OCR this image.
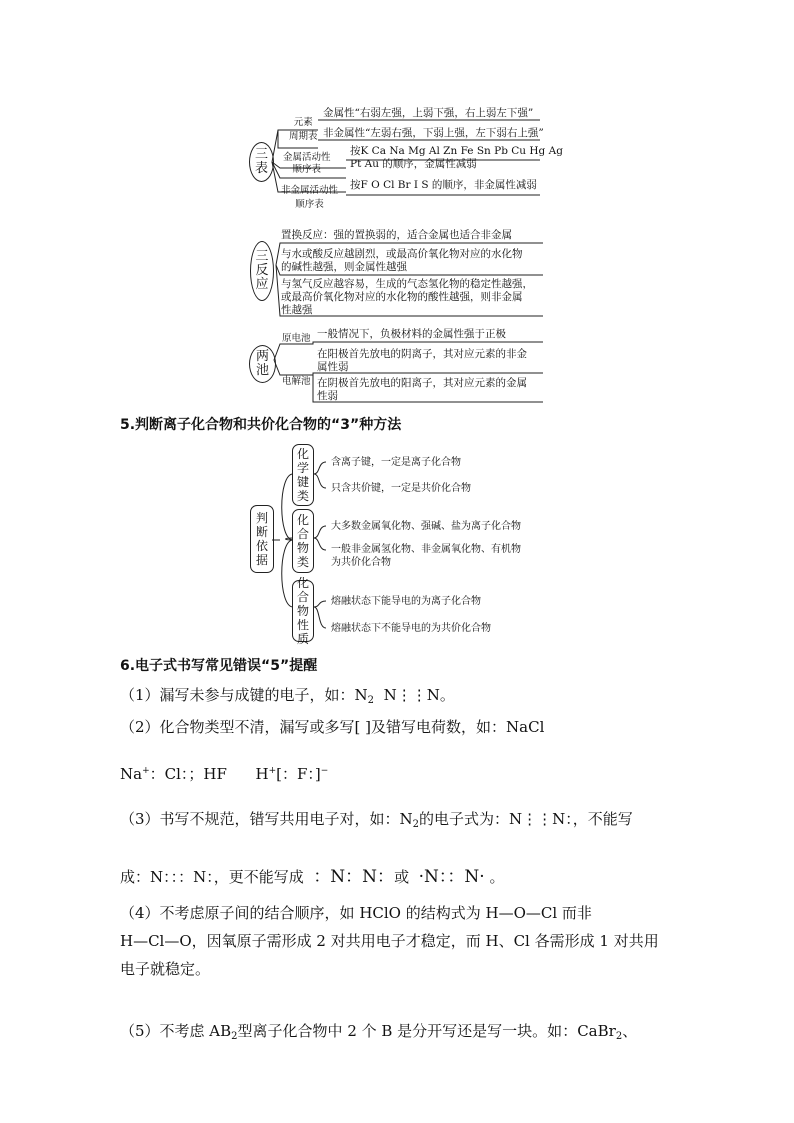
三
表
元素
周期表
金属性“右弱左强，上弱下强，右上弱左下强”
非金属性“左弱右强，下弱上强，左下弱右上强”
金属活动性
顺序表
按K Ca Na Mg Al Zn Fe Sn Pb Cu Hg Ag
Pt Au 的顺序，金属性减弱
非金属活动性
顺序表
按F O Cl Br I S 的顺序，非金属性减弱
三
反
应
置换反应：强的置换弱的，适合金属也适合非金属
与水或酸反应越剧烈，或最高价氧化物对应的水化物
的碱性越强，则金属性越强
与氢气反应越容易，生成的气态氢化物的稳定性越强，
或最高价氧化物对应的水化物的酸性越强，则非金属
性越强
两
池
原电池 一般情况下，负极材料的金属性强于正极
电解池
在阳极首先放电的阴离子，其对应元素的非金
属性弱
在阴极首先放电的阳离子，其对应元素的金属
性弱
5.判断离子化合物和共价化合物的“3”种方法
判
断
依
据
化
学
键
类
含离子键，一定是离子化合物
只含共价键，一定是共价化合物
化
合
物
类
大多数金属氧化物、强碱、盐为离子化合物
一般非金属氢化物、非金属氧化物、有机物
为共价化合物
化
合
物
性
质
熔融状态下能导电的为离子化合物
熔融状态下不能导电的为共价化合物
6.电子式书写常见错误“5”提醒
（1）漏写未参与成键的电子，如：$N_2$ N⋮⋮N。
（2）化合物类型不清，漏写或多写[ ]及错写电荷数，如：NaCl
Na+：Cl：；HF H+[：F：]−
（3）书写不规范，错写共用电子对，如：$N_2$的电子式为：N⋮⋮N：，不能写
成：N：：：N：，更不能写成 ：N：N：或 ·N：：N· 。
（4）不考虑原子间的结合顺序，如 HClO 的结构式为 H—O—Cl 而非
H—Cl—O，因氧原子需形成 2 对共用电子才稳定，而 H、Cl 各需形成 1 对共用
电子就稳定。
（5）不考虑 $AB_2$型离子化合物中 2 个 B 是分开写还是写一块。如：CaBr$_2$、
